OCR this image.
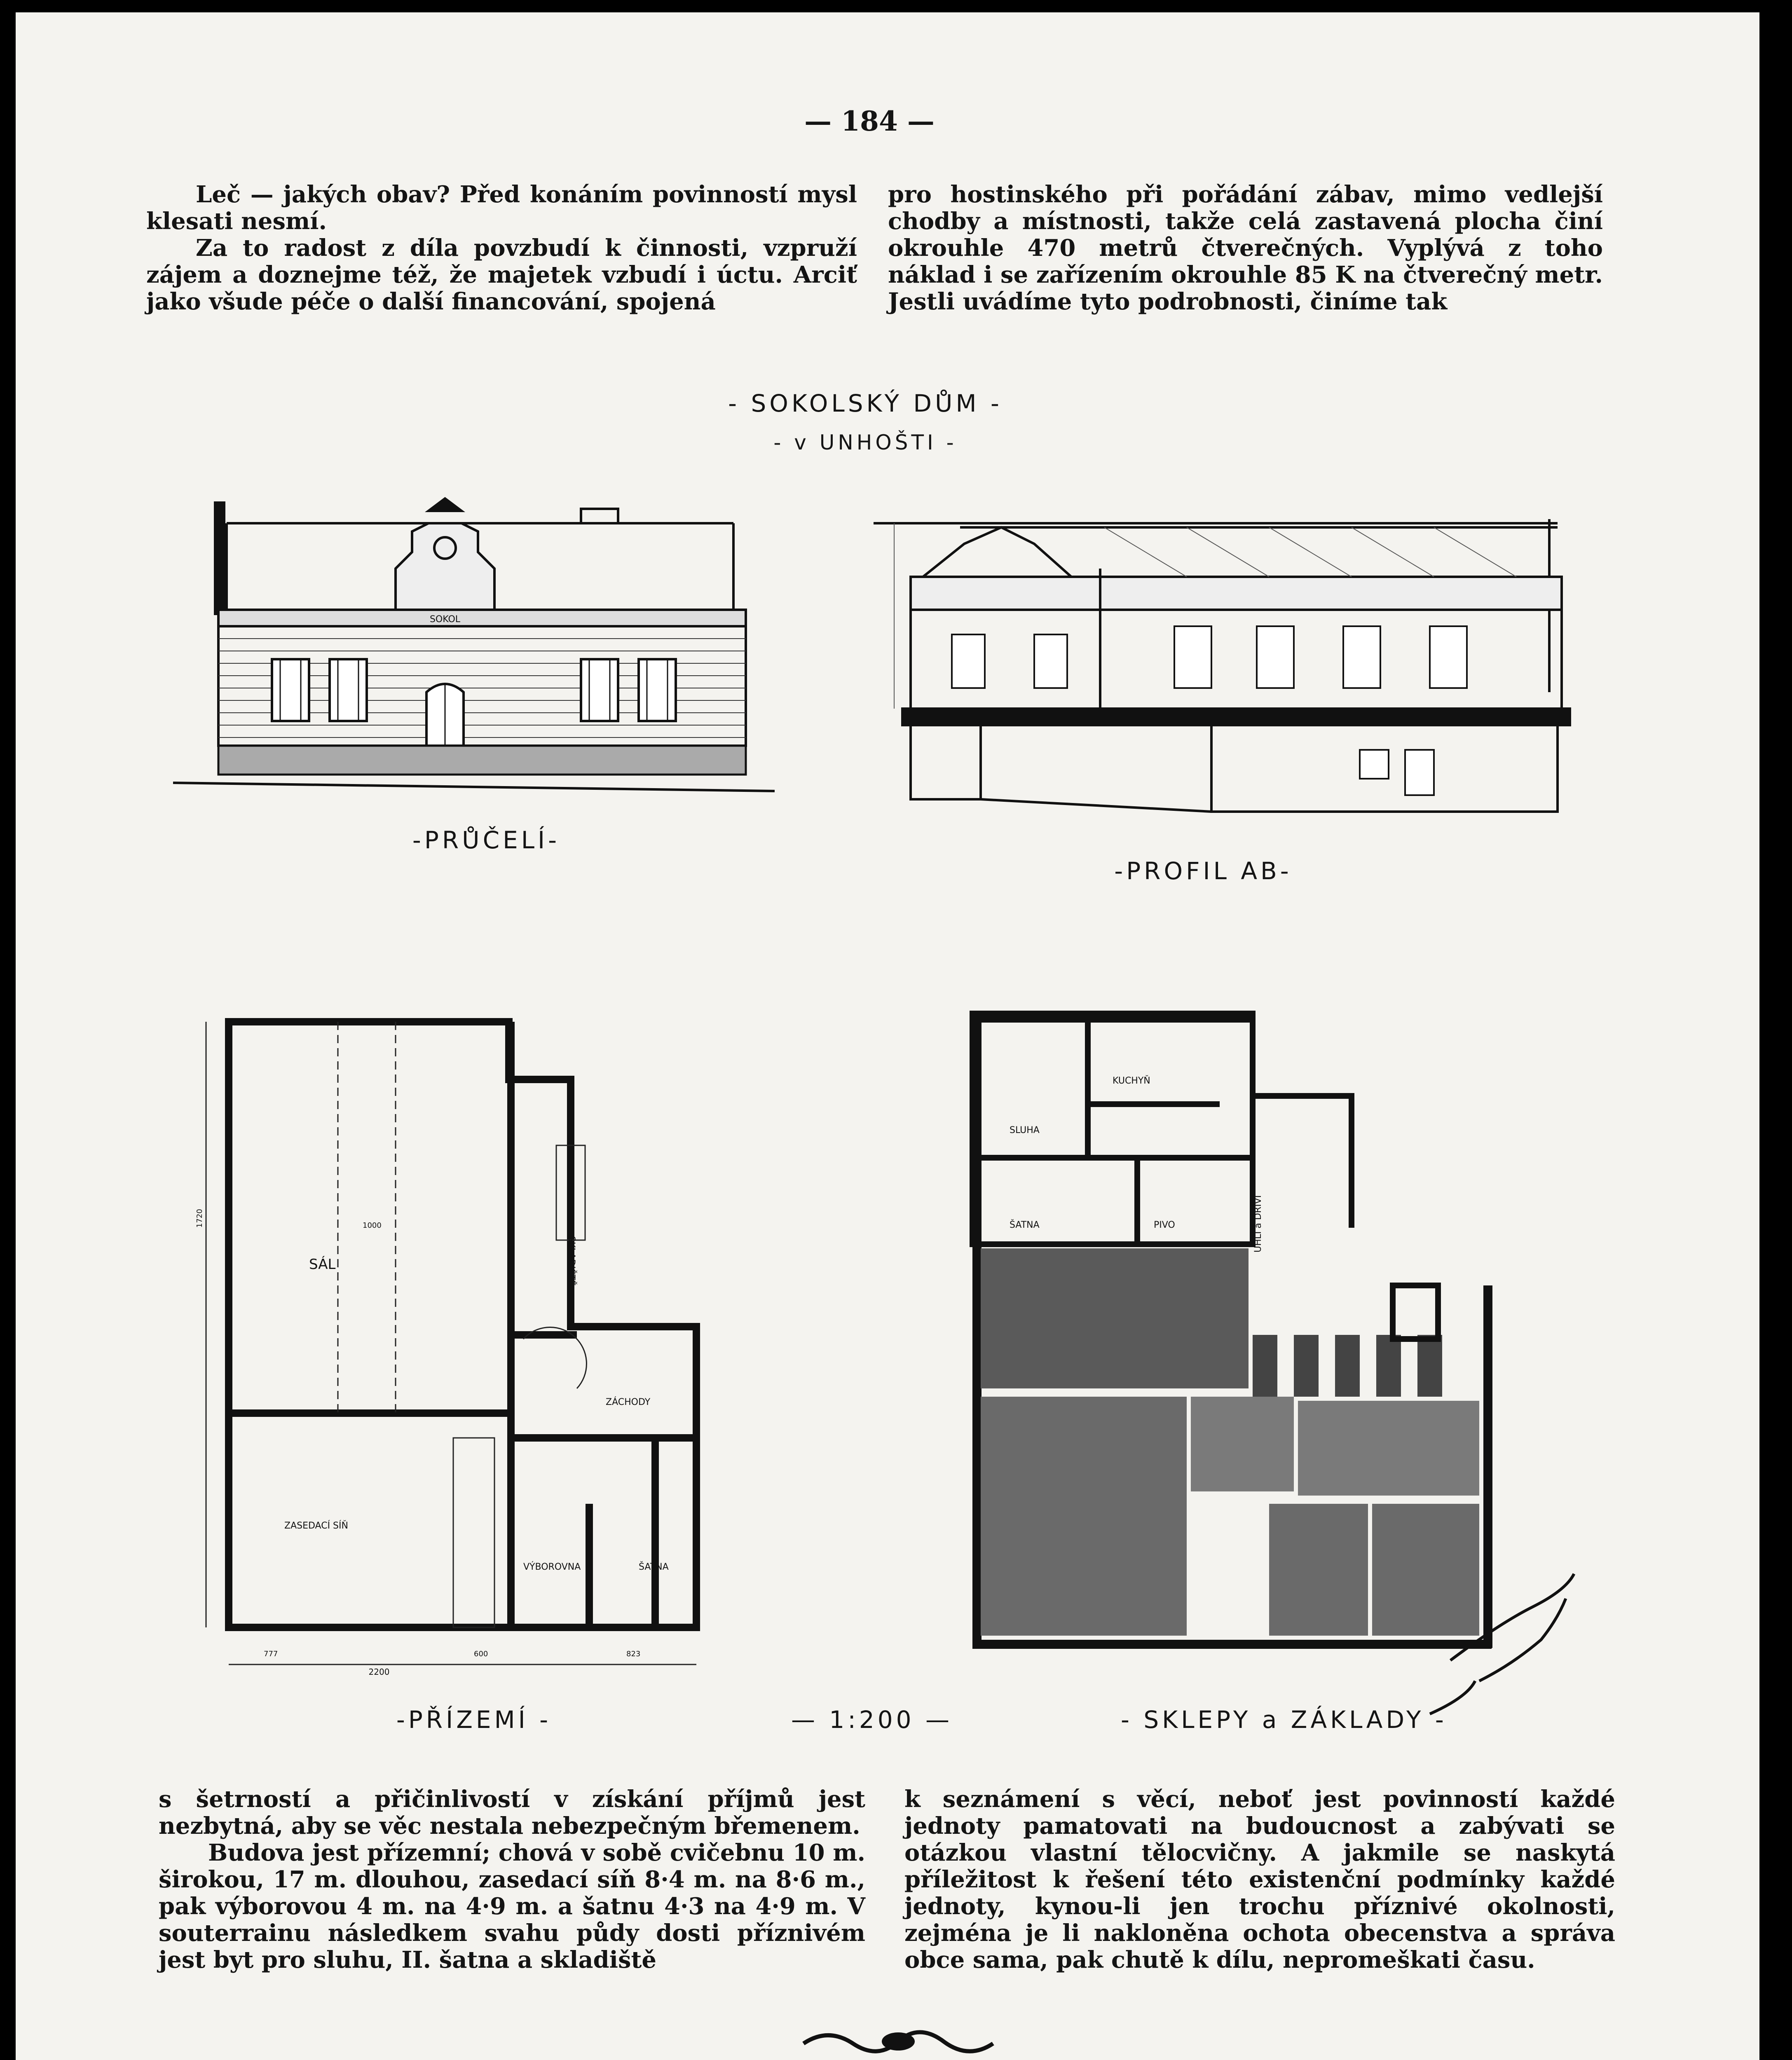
— 184 —

Leč — jakých obav? Před konáním povinností mysl klesati nesmí.

Za to radost z díla povzbudí k činnosti, vzpruží zájem a doznejme též, že majetek vzbudí i úctu. Arciť jako všude péče o další financování, spojená

pro hostinského při pořádání zábav, mimo vedlejší chodby a místnosti, takže celá zastavená plocha činí okrouhle 470 metrů čtverečných. Vyplývá z toho náklad i se zařízením okrouhle 85 K na čtverečný metr. Jestli uvádíme tyto podrobnosti, činíme tak

- SOKOLSKÝ DŮM -
- v UNHOŠTI -
SOKOL
-PRŮČELÍ-
-PROFIL AB-
SÁL	SKLADIŠTĚ
ZÁCHODY
ZASEDACÍ SÍŇ
VÝBOROVNA	ŠATNA
2200
777	600	823
1720	1000
-PŘÍZEMÍ -	— 1:200 —
KUCHYŇ
SLUHA
ŠATNA	PIVO	UHLÍ a DŘÍVÍ
- SKLEPY a ZÁKLADY -

s šetrností a přičinlivostí v získání příjmů jest nezbytná, aby se věc nestala nebezpečným břemenem.

Budova jest přízemní; chová v sobě cvičebnu 10 m. širokou, 17 m. dlouhou, zasedací síň 8·4 m. na 8·6 m., pak výborovou 4 m. na 4·9 m. a šatnu 4·3 na 4·9 m. V souterrainu následkem svahu půdy dosti příznivém jest byt pro sluhu, II. šatna a skladiště

k seznámení s věcí, neboť jest povinností každé jednoty pamatovati na budoucnost a zabývati se otázkou vlastní tělocvičny. A jakmile se naskytá příležitost k řešení této existenční podmínky každé jednoty, kynou-li jen trochu příznivé okolnosti, zejména je li nakloněna ochota obecenstva a správa obce sama, pak chutě k dílu, nepromeškati času.
